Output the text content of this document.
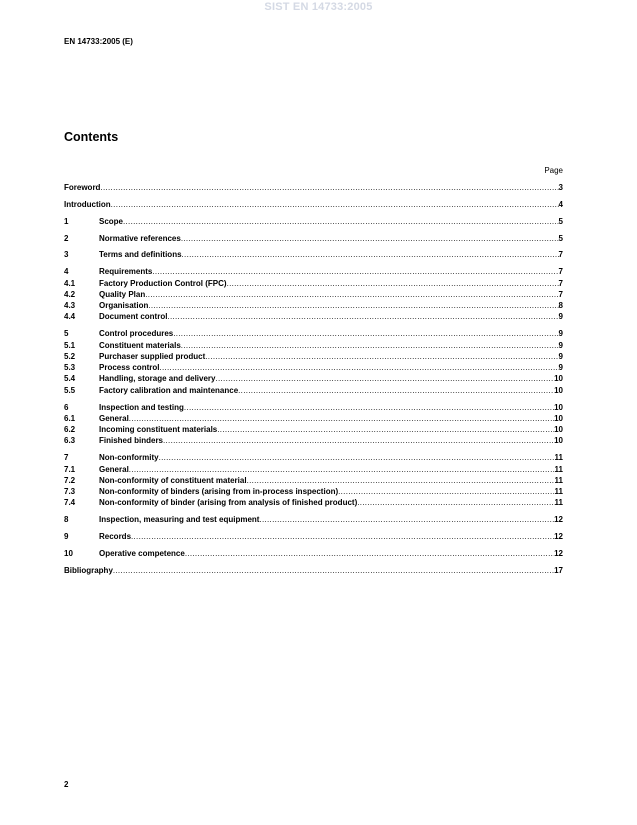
SIST EN 14733:2005
EN 14733:2005 (E)
Contents
Page
Foreword .....	3
Introduction .....	4
1	Scope .....	5
2	Normative references .....	5
3	Terms and definitions .....	7
4	Requirements .....	7
4.1	Factory Production Control (FPC) .....	7
4.2	Quality Plan .....	7
4.3	Organisation .....	8
4.4	Document control .....	9
5	Control procedures .....	9
5.1	Constituent materials .....	9
5.2	Purchaser supplied product .....	9
5.3	Process control .....	9
5.4	Handling, storage and delivery .....	10
5.5	Factory calibration and maintenance .....	10
6	Inspection and testing .....	10
6.1	General .....	10
6.2	Incoming constituent materials .....	10
6.3	Finished binders .....	10
7	Non-conformity .....	11
7.1	General .....	11
7.2	Non-conformity of constituent material .....	11
7.3	Non-conformity of binders (arising from in-process inspection) .....	11
7.4	Non-conformity of binder (arising from analysis of finished product) .....	11
8	Inspection, measuring and test equipment .....	12
9	Records .....	12
10	Operative competence .....	12
Bibliography .....	17
2
